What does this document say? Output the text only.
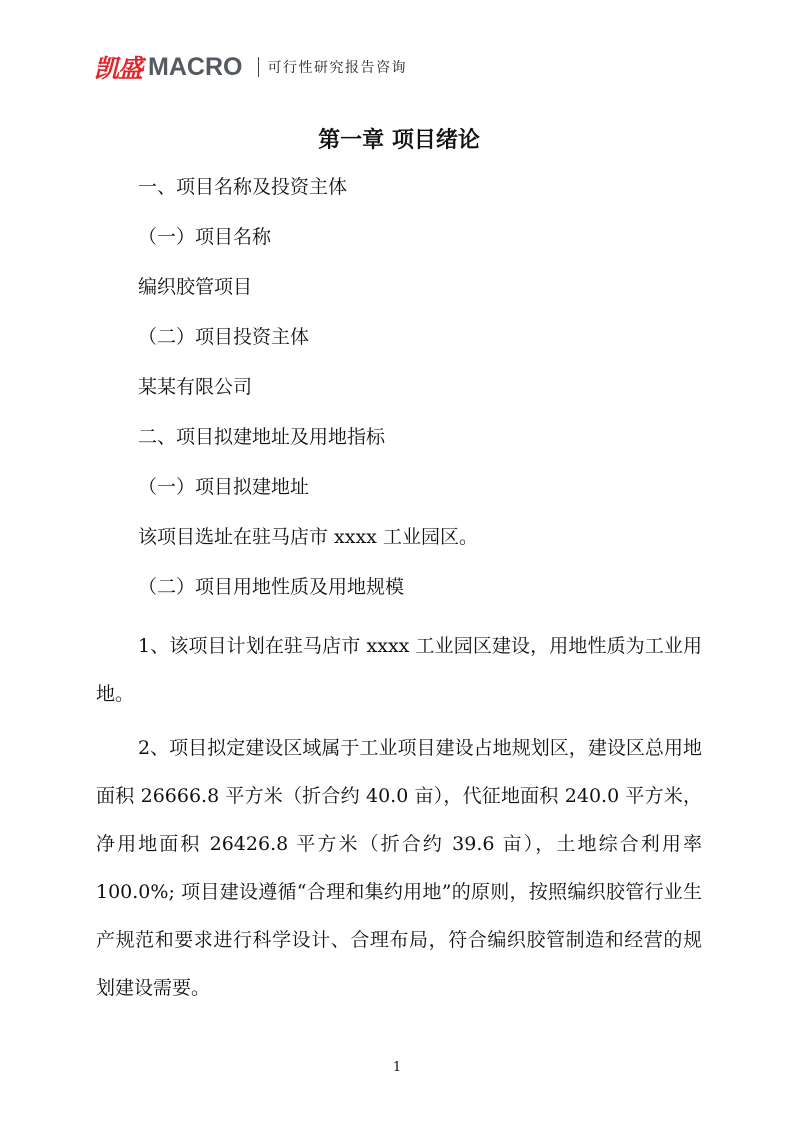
凯盛 MACRO 可行性研究报告咨询

第一章 项目绪论

一、项目名称及投资主体

（一）项目名称

编织胶管项目

（二）项目投资主体

某某有限公司

二、项目拟建地址及用地指标

（一）项目拟建地址

该项目选址在驻马店市 xxxx 工业园区。

（二）项目用地性质及用地规模

1、该项目计划在驻马店市 xxxx 工业园区建设，用地性质为工业用地。

2、项目拟定建设区域属于工业项目建设占地规划区，建设区总用地面积 26666.8 平方米（折合约 40.0 亩），代征地面积 240.0 平方米，净用地面积 26426.8 平方米（折合约 39.6 亩），土地综合利用率 100.0%; 项目建设遵循“合理和集约用地”的原则，按照编织胶管行业生产规范和要求进行科学设计、合理布局，符合编织胶管制造和经营的规划建设需要。

1
